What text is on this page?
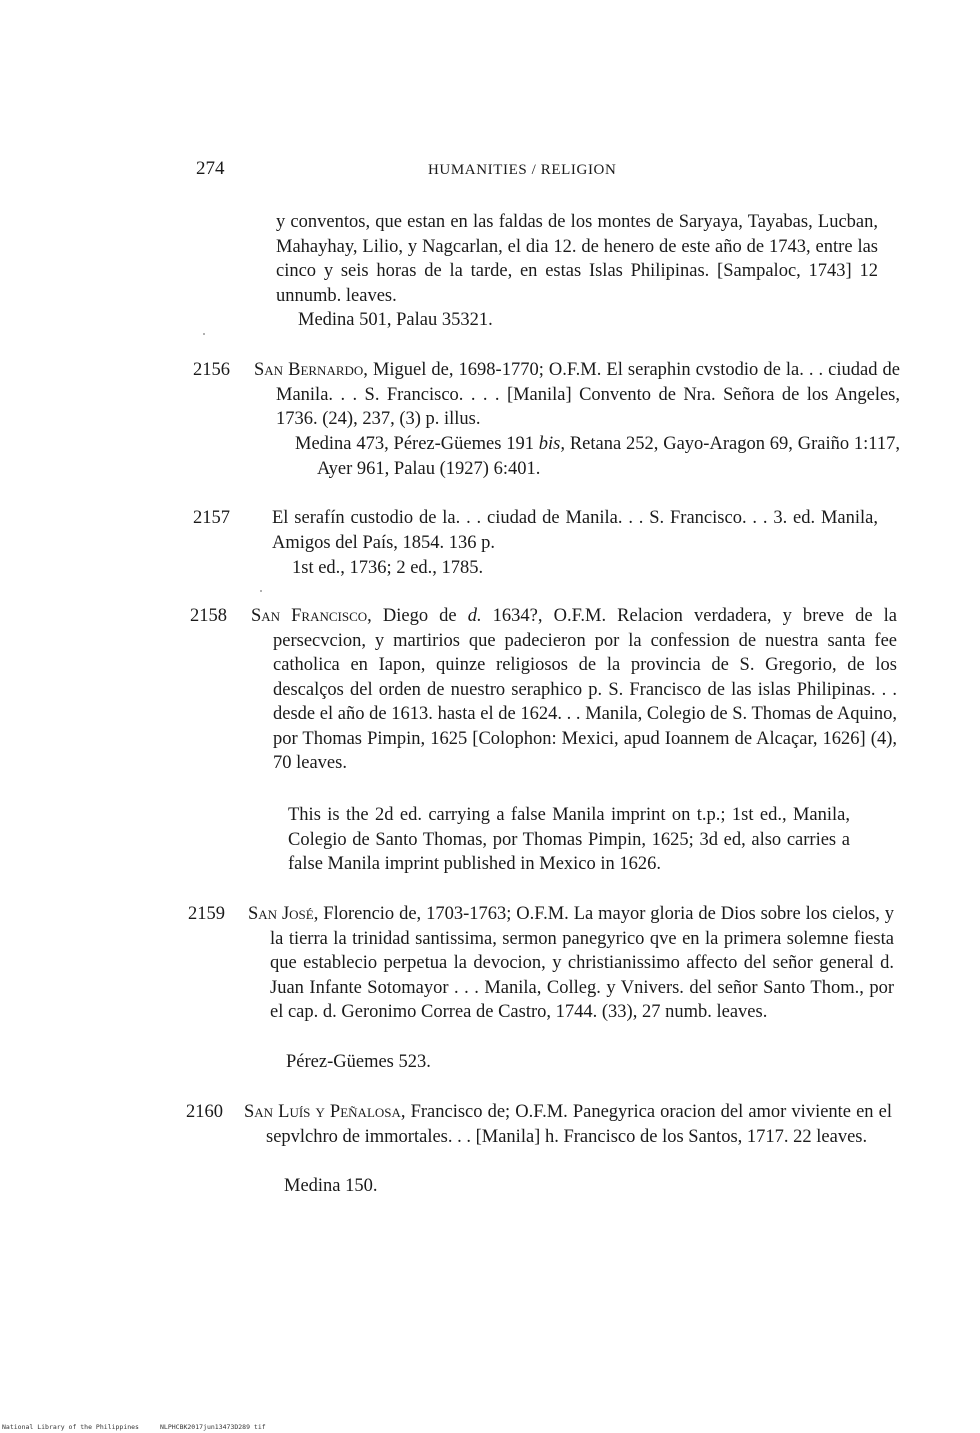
274	HUMANITIES / RELIGION
y conventos, que estan en las faldas de los montes de Saryaya, Tayabas, Lucban, Mahayhay, Lilio, y Nagcarlan, el dia 12. de henero de este año de 1743, entre las cinco y seis horas de la tarde, en estas Islas Philipinas. [Sampaloc, 1743] 12 unnumb. leaves.
Medina 501, Palau 35321.
2156 San Bernardo, Miguel de, 1698-1770; O.F.M. El seraphin cvstodio de la. . . ciudad de Manila. . . S. Francisco. . . . [Manila] Convento de Nra. Señora de los Angeles, 1736. (24), 237, (3) p. illus.
Medina 473, Pérez-Güemes 191 bis, Retana 252, Gayo-Aragon 69, Graiño 1:117, Ayer 961, Palau (1927) 6:401.
2157 El serafín custodio de la. . . ciudad de Manila. . . S. Francisco. . . 3. ed. Manila, Amigos del País, 1854. 136 p.
1st ed., 1736; 2 ed., 1785.
2158 San Francisco, Diego de d. 1634?, O.F.M. Relacion verdadera, y breve de la persecvcion, y martirios que padecieron por la confession de nuestra santa fee catholica en Iapon, quinze religiosos de la provincia de S. Gregorio, de los descalços del orden de nuestro seraphico p. S. Francisco de las islas Philipinas. . . desde el año de 1613. hasta el de 1624. . . Manila, Colegio de S. Thomas de Aquino, por Thomas Pimpin, 1625 [Colophon: Mexici, apud Ioannem de Alcaçar, 1626] (4), 70 leaves.
This is the 2d ed. carrying a false Manila imprint on t.p.; 1st ed., Manila, Colegio de Santo Thomas, por Thomas Pimpin, 1625; 3d ed, also carries a false Manila imprint published in Mexico in 1626.
2159 San José, Florencio de, 1703-1763; O.F.M. La mayor gloria de Dios sobre los cielos, y la tierra la trinidad santissima, sermon panegyrico qve en la primera solemne fiesta que establecio perpetua la devocion, y christianissimo affecto del señor general d. Juan Infante Sotomayor . . . Manila, Colleg. y Vnivers. del señor Santo Thom., por el cap. d. Geronimo Correa de Castro, 1744. (33), 27 numb. leaves.
Pérez-Güemes 523.
2160 San Luís y Peñalosa, Francisco de; O.F.M. Panegyrica oracion del amor viviente en el sepvlchro de immortales. . . [Manila] h. Francisco de los Santos, 1717. 22 leaves.
Medina 150.
National Library of the Philippines	NLPHCBK2017jun13473D289 tif
